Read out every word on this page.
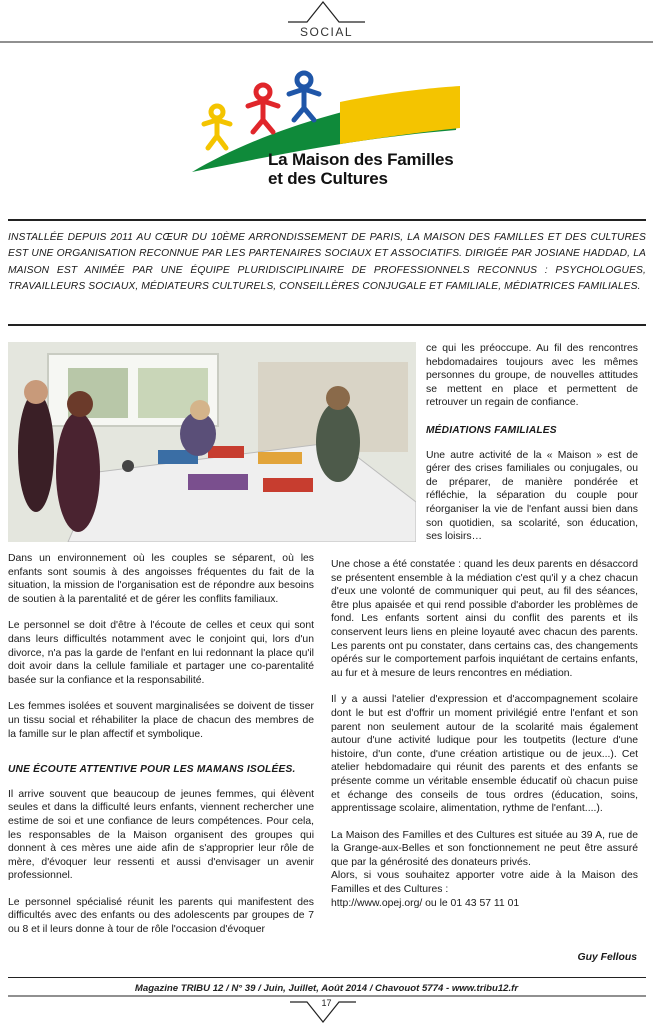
SOCIAL
La Maison des Familles
et des Cultures
INSTALLÉE DEPUIS 2011 AU CŒUR DU 10ÈME ARRONDISSEMENT DE PARIS, LA MAISON DES FAMILLES ET DES CULTURES EST UNE ORGANISATION RECONNUE PAR LES PARTENAIRES SOCIAUX ET ASSOCIATIFS. DIRIGÉE PAR JOSIANE HADDAD, LA MAISON EST ANIMÉE PAR UNE ÉQUIPE PLURIDISCIPLINAIRE DE PROFESSIONNELS RECONNUS : PSYCHOLOGUES, TRAVAILLEURS SOCIAUX, MÉDIATEURS CULTURELS, CONSEILLÈRES CONJUGALE ET FAMILIALE, MÉDIATRICES FAMILIALES.

ce qui les préoccupe. Au fil des rencontres hebdomadaires toujours avec les mêmes personnes du groupe, de nouvelles attitudes se mettent en place et permettent de retrouver un regain de confiance.

MÉDIATIONS FAMILIALES

Une autre activité de la « Maison » est de gérer des crises familiales ou conjugales, ou de préparer, de manière pondérée et réfléchie, la séparation du couple pour réorganiser la vie de l'enfant aussi bien dans son quotidien, sa scolarité, son éducation, ses loisirs…

Dans un environnement où les couples se séparent, où les enfants sont soumis à des angoisses fréquentes du fait de la situation, la mission de l'organisation est de répondre aux besoins de soutien à la parentalité et de gérer les conflits familiaux.

Le personnel se doit d'être à l'écoute de celles et ceux qui sont dans leurs difficultés notamment avec le conjoint qui, lors d'un divorce, n'a pas la garde de l'enfant en lui redonnant la place qu'il doit avoir dans la cellule familiale et partager une co-parentalité basée sur la confiance et la responsabilité.

Les femmes isolées et souvent marginalisées se doivent de tisser un tissu social et réhabiliter la place de chacun des membres de la famille sur le plan affectif et symbolique.

UNE ÉCOUTE ATTENTIVE POUR LES MAMANS ISOLÉES.

Il arrive souvent que beaucoup de jeunes femmes, qui élèvent seules et dans la difficulté leurs enfants, viennent rechercher une estime de soi et une confiance de leurs compétences. Pour cela, les responsables de la Maison organisent des groupes qui donnent à ces mères une aide afin de s'approprier leur rôle de mère, d'évoquer leur ressenti et aussi d'envisager un avenir professionnel.

Le personnel spécialisé réunit les parents qui manifestent des difficultés avec des enfants ou des adolescents par groupes de 7 ou 8 et il leurs donne à tour de rôle l'occasion d'évoquer

Une chose a été constatée : quand les deux parents en désaccord se présentent ensemble à la médiation c'est qu'il y a chez chacun d'eux une volonté de communiquer qui peut, au fil des séances, être plus apaisée et qui rend possible d'aborder les problèmes de fond. Les enfants sortent ainsi du conflit des parents et ils conservent leurs liens en pleine loyauté avec chacun des parents. Les parents ont pu constater, dans certains cas, des changements opérés sur le comportement parfois inquiétant de certains enfants, au fur et à mesure de leurs rencontres en médiation.

Il y a aussi l'atelier d'expression et d'accompagnement scolaire dont le but est d'offrir un moment privilégié entre l'enfant et son parent non seulement autour de la scolarité mais également autour d'une activité ludique pour les toutpetits (lecture d'une histoire, d'un conte, d'une création artistique ou de jeux...). Cet atelier hebdomadaire qui réunit des parents et des enfants se présente comme un véritable ensemble éducatif où chacun puise et échange des conseils de tous ordres (éducation, soins, apprentissage scolaire, alimentation, rythme de l'enfant....).

La Maison des Familles et des Cultures est située au 39 A, rue de la Grange-aux-Belles et son fonctionnement ne peut être assuré que par la générosité des donateurs privés.

Alors, si vous souhaitez apporter votre aide à la Maison des Familles et des Cultures :

http://www.opej.org/ ou le 01 43 57 11 01

Guy Fellous
Magazine TRIBU 12 / N° 39 / Juin, Juillet, Août 2014 / Chavouot 5774 - www.tribu12.fr
17
